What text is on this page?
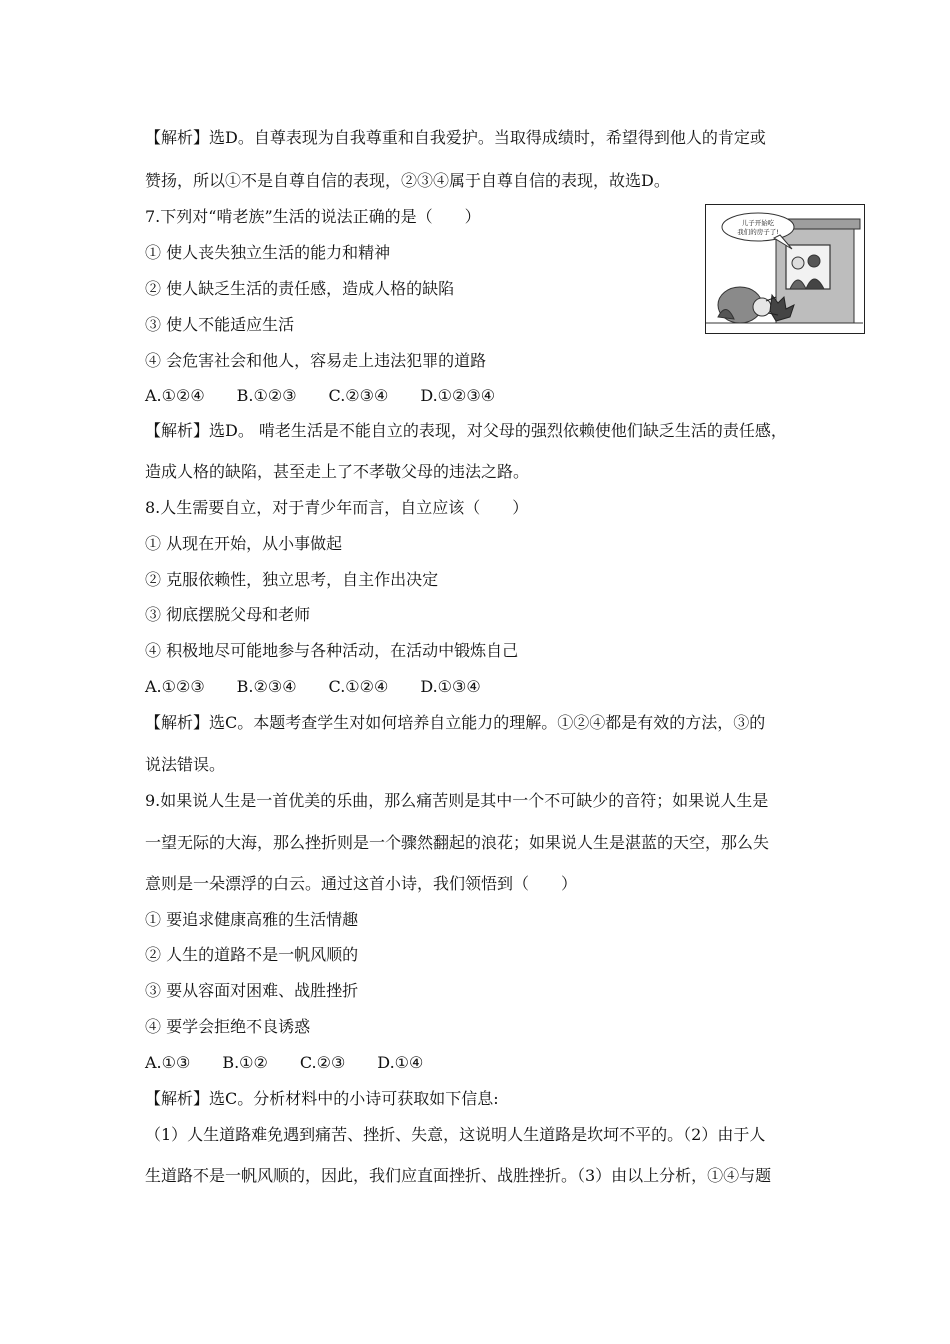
【解析】选D。自尊表现为自我尊重和自我爱护。当取得成绩时，希望得到他人的肯定或
赞扬，所以①不是自尊自信的表现，②③④属于自尊自信的表现，故选D。
7.下列对“啃老族”生活的说法正确的是（　　）
① 使人丧失独立生活的能力和精神
② 使人缺乏生活的责任感，造成人格的缺陷
③ 使人不能适应生活
④ 会危害社会和他人，容易走上违法犯罪的道路
A.①②④　　B.①②③　　C.②③④　　D.①②③④
儿子开始吃
我们的房子了!
【解析】选D。 啃老生活是不能自立的表现，对父母的强烈依赖使他们缺乏生活的责任感，
造成人格的缺陷，甚至走上了不孝敬父母的违法之路。
8.人生需要自立，对于青少年而言，自立应该（　　）
① 从现在开始，从小事做起
② 克服依赖性，独立思考，自主作出决定
③ 彻底摆脱父母和老师
④ 积极地尽可能地参与各种活动，在活动中锻炼自己
A.①②③　　B.②③④　　C.①②④　　D.①③④
【解析】选C。本题考查学生对如何培养自立能力的理解。①②④都是有效的方法，③的
说法错误。
9.如果说人生是一首优美的乐曲，那么痛苦则是其中一个不可缺少的音符；如果说人生是
一望无际的大海，那么挫折则是一个骤然翻起的浪花；如果说人生是湛蓝的天空，那么失
意则是一朵漂浮的白云。通过这首小诗，我们领悟到（　　）
① 要追求健康高雅的生活情趣
② 人生的道路不是一帆风顺的
③ 要从容面对困难、战胜挫折
④ 要学会拒绝不良诱惑
A.①③　　B.①②　　C.②③　　D.①④
【解析】选C。分析材料中的小诗可获取如下信息:
（1）人生道路难免遇到痛苦、挫折、失意，这说明人生道路是坎坷不平的。（2）由于人
生道路不是一帆风顺的，因此，我们应直面挫折、战胜挫折。（3）由以上分析，①④与题
